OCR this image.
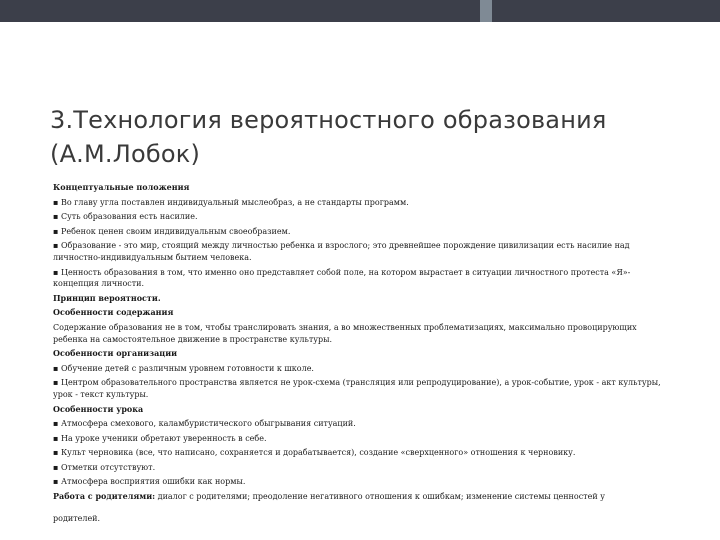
3.Технология вероятностного образования (А.М.Лобок)

Концептуальные положения

▪ Во главу угла поставлен индивидуальный мыслеобраз, а не стандарты программ.

▪ Суть образования есть насилие.

▪ Ребенок ценен своим индивидуальным своеобразием.

▪ Образование - это мир, стоящий между личностью ребенка и взрослого; это древнейшее порождение цивилизации есть насилие над личностно-индивидуальным бытием человека.

▪ Ценность образования в том, что именно оно представляет собой поле, на котором вырастает в ситуации личностного протеста «Я»-концепция личности.

Принцип вероятности.

Особенности содержания

Содержание образования не в том, чтобы транслировать знания, а во множественных проблематизациях, максимально провоцирующих ребенка на самостоятельное движение в пространстве культуры.

Особенности организации

▪ Обучение детей с различным уровнем готовности к школе.

▪ Центром образовательного пространства является не урок-схема (трансляция или репродуцирование), а урок-событие, урок - акт культуры, урок - текст культуры.

Особенности урока

▪ Атмосфера смехового, каламбуристического обыгрывания ситуаций.

▪ На уроке ученики обретают уверенность в себе.

▪ Культ черновика (все, что написано, сохраняется и дорабатывается), создание «сверхценного» отношения к черновику.

▪ Отметки отсутствуют.

▪ Атмосфера восприятия ошибки как нормы.

Работа с родителями: диалог с родителями; преодоление негативного отношения к ошибкам; изменение системы ценностей у

родителей.
